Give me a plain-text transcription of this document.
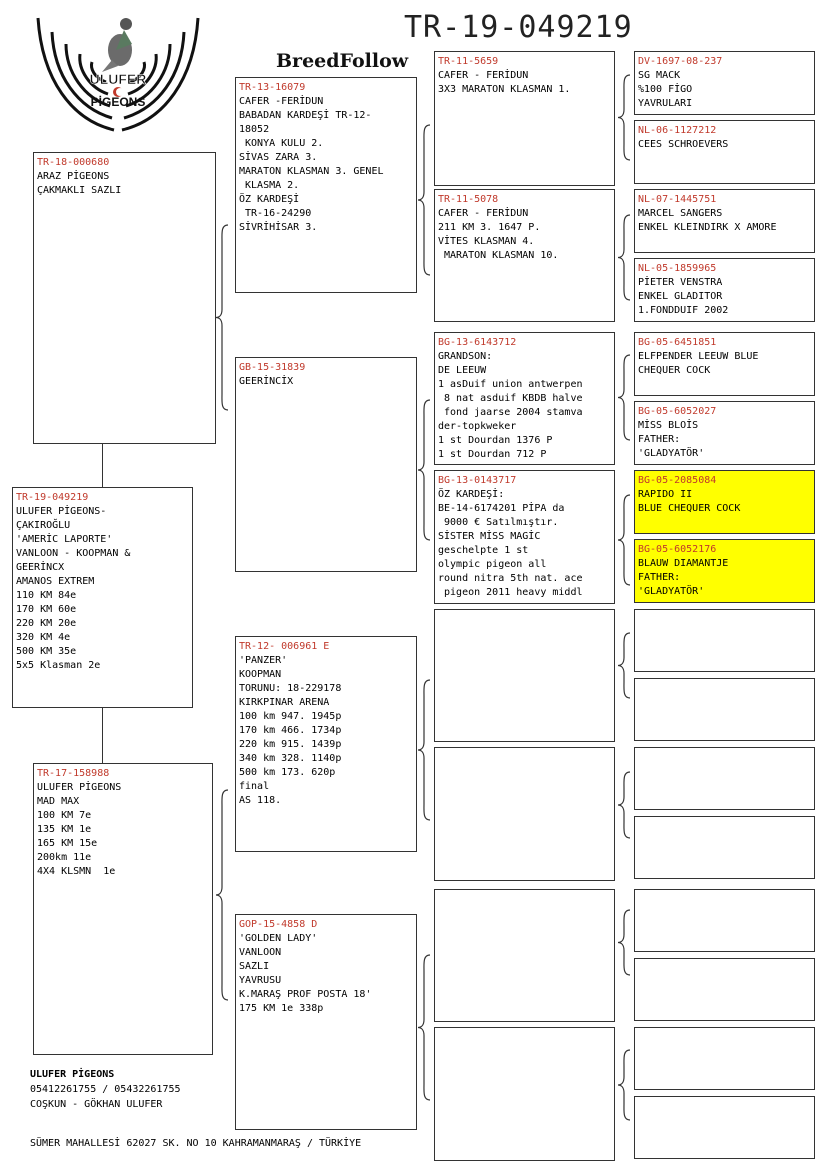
ULUFER
PİGEONS
TR-19-049219
BreedFollow
TR-19-049219
ULUFER PİGEONS-
ÇAKIROĞLU
'AMERİC LAPORTE'
VANLOON - KOOPMAN &
GEERİNCX
AMANOS EXTREM
110 KM 84e
170 KM 60e
220 KM 20e
320 KM 4e
500 KM 35e
5x5 Klasman 2e
TR-18-000680
ARAZ PİGEONS
ÇAKMAKLI SAZLI
TR-17-158988
ULUFER PİGEONS
MAD MAX
100 KM 7e
135 KM 1e
165 KM 15e
200km 11e
4X4 KLSMN  1e
TR-13-16079
CAFER -FERİDUN
BABADAN KARDEŞİ TR-12-
18052
KONYA KULU 2.
SİVAS ZARA 3.
MARATON KLASMAN 3. GENEL
KLASMA 2.
ÖZ KARDEŞİ
TR-16-24290
SİVRİHİSAR 3.
GB-15-31839
GEERİNCİX
TR-12- 006961 E
'PANZER'
KOOPMAN
TORUNU: 18-229178
KIRKPINAR ARENA
100 km 947. 1945p
170 km 466. 1734p
220 km 915. 1439p
340 km 328. 1140p
500 km 173. 620p
final
AS 118.
GOP-15-4858 D
'GOLDEN LADY'
VANLOON
SAZLI
YAVRUSU
K.MARAŞ PROF POSTA 18'
175 KM 1e 338p
TR-11-5659
CAFER - FERİDUN
3X3 MARATON KLASMAN 1.
TR-11-5078
CAFER - FERİDUN
211 KM 3. 1647 P.
VİTES KLASMAN 4.
MARATON KLASMAN 10.
BG-13-6143712
GRANDSON:
DE LEEUW
1 asDuif union antwerpen
8 nat asduif KBDB halve
fond jaarse 2004 stamva
der-topkweker
1 st Dourdan 1376 P
1 st Dourdan 712 P
BG-13-0143717
ÖZ KARDEŞİ:
BE-14-6174201 PİPA da
9000 € Satılmıştır.
SİSTER MİSS MAGİC
geschelpte 1 st
olympic pigeon all
round nitra 5th nat. ace
pigeon 2011 heavy middl
DV-1697-08-237
SG MACK
%100 FİGO
YAVRULARI
NL-06-1127212
CEES SCHROEVERS
NL-07-1445751
MARCEL SANGERS
ENKEL KLEINDIRK X AMORE
NL-05-1859965
PİETER VENSTRA
ENKEL GLADITOR
1.FONDDUIF 2002
BG-05-6451851
ELFPENDER LEEUW BLUE
CHEQUER COCK
BG-05-6052027
MİSS BLOİS
FATHER:
'GLADYATÖR'
BG-05-2085084
RAPIDO II
BLUE CHEQUER COCK
BG-05-6052176
BLAUW DIAMANTJE
FATHER:
'GLADYATÖR'
ULUFER PİGEONS
05412261755 / 05432261755
COŞKUN - GÖKHAN ULUFER
SÜMER MAHALLESİ 62027 SK. NO 10 KAHRAMANMARAŞ / TÜRKİYE
